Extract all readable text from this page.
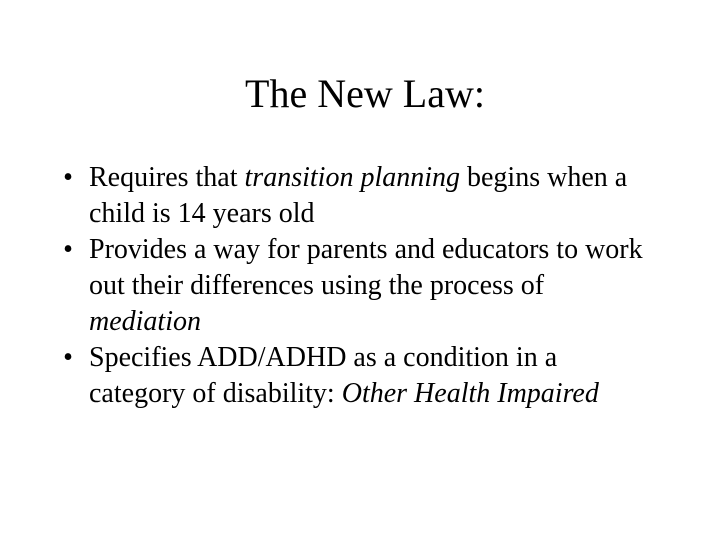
The New Law:
• Requires that transition planning begins when a child is 14 years old
• Provides a way for parents and educators to work out their differences using the process of mediation
• Specifies ADD/ADHD as a condition in a category of disability: Other Health Impaired
